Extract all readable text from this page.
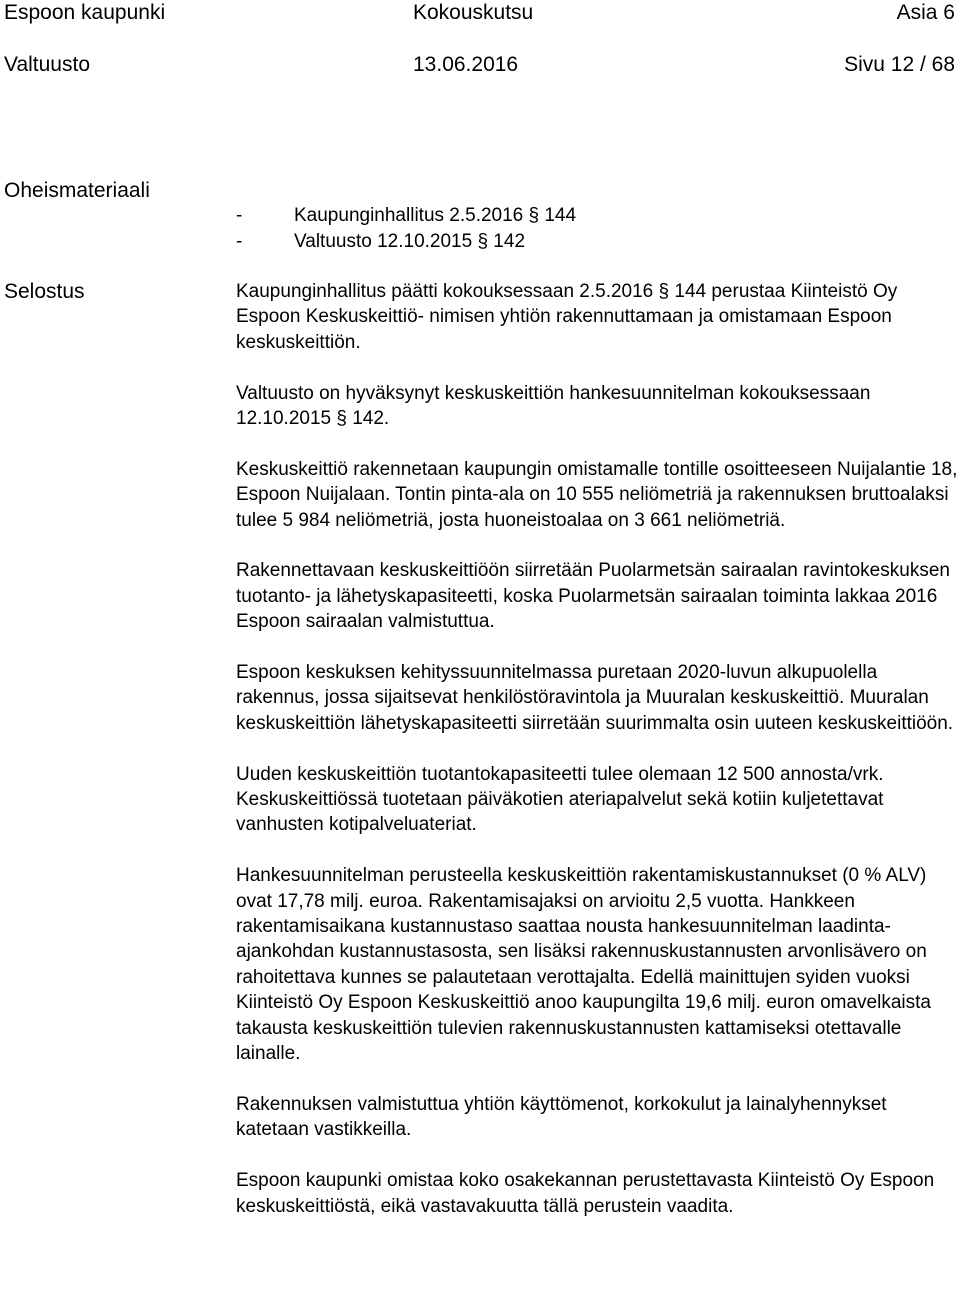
Espoon kaupunki	Kokouskutsu	Asia 6
Valtuusto	13.06.2016	Sivu 12 / 68
Oheismateriaali
-	Kaupunginhallitus 2.5.2016 § 144
-	Valtuusto 12.10.2015 § 142
Selostus	Kaupunginhallitus päätti kokouksessaan 2.5.2016 § 144 perustaa Kiinteistö Oy Espoon Keskuskeittiö- nimisen yhtiön rakennuttamaan ja omistamaan Espoon keskuskeittiön.

Valtuusto on hyväksynyt keskuskeittiön hankesuunnitelman kokouksessaan 12.10.2015 § 142.

Keskuskeittiö rakennetaan kaupungin omistamalle tontille osoitteeseen Nuijalantie 18, Espoon Nuijalaan. Tontin pinta-ala on 10 555 neliömetriä ja rakennuksen bruttoalaksi tulee 5 984 neliömetriä, josta huoneistoalaa on 3 661 neliömetriä.

Rakennettavaan keskuskeittiöön siirretään Puolarmetsän sairaalan ravintokeskuksen tuotanto- ja lähetyskapasiteetti, koska Puolarmetsän sairaalan toiminta lakkaa 2016 Espoon sairaalan valmistuttua.

Espoon keskuksen kehityssuunnitelmassa puretaan 2020-luvun alkupuolella rakennus, jossa sijaitsevat henkilöstöravintola ja Muuralan keskuskeittiö. Muuralan keskuskeittiön lähetyskapasiteetti siirretään suurimmalta osin uuteen keskuskeittiöön.

Uuden keskuskeittiön tuotantokapasiteetti tulee olemaan 12 500 annosta/vrk. Keskuskeittiössä tuotetaan päiväkotien ateriapalvelut sekä kotiin kuljetettavat vanhusten kotipalveluateriat.

Hankesuunnitelman perusteella keskuskeittiön rakentamiskustannukset (0 % ALV) ovat 17,78 milj. euroa. Rakentamisajaksi on arvioitu 2,5 vuotta. Hankkeen rakentamisaikana kustannustaso saattaa nousta hankesuunnitelman laadinta-ajankohdan kustannustasosta, sen lisäksi rakennuskustannusten arvonlisävero on rahoitettava kunnes se palautetaan verottajalta. Edellä mainittujen syiden vuoksi Kiinteistö Oy Espoon Keskuskeittiö anoo kaupungilta 19,6 milj. euron omavelkaista takausta keskuskeittiön tulevien rakennuskustannusten kattamiseksi otettavalle lainalle.

Rakennuksen valmistuttua yhtiön käyttömenot, korkokulut ja lainalyhennykset katetaan vastikkeilla.

Espoon kaupunki omistaa koko osakekannan perustettavasta Kiinteistö Oy Espoon keskuskeittiöstä, eikä vastavakuutta tällä perustein vaadita.
